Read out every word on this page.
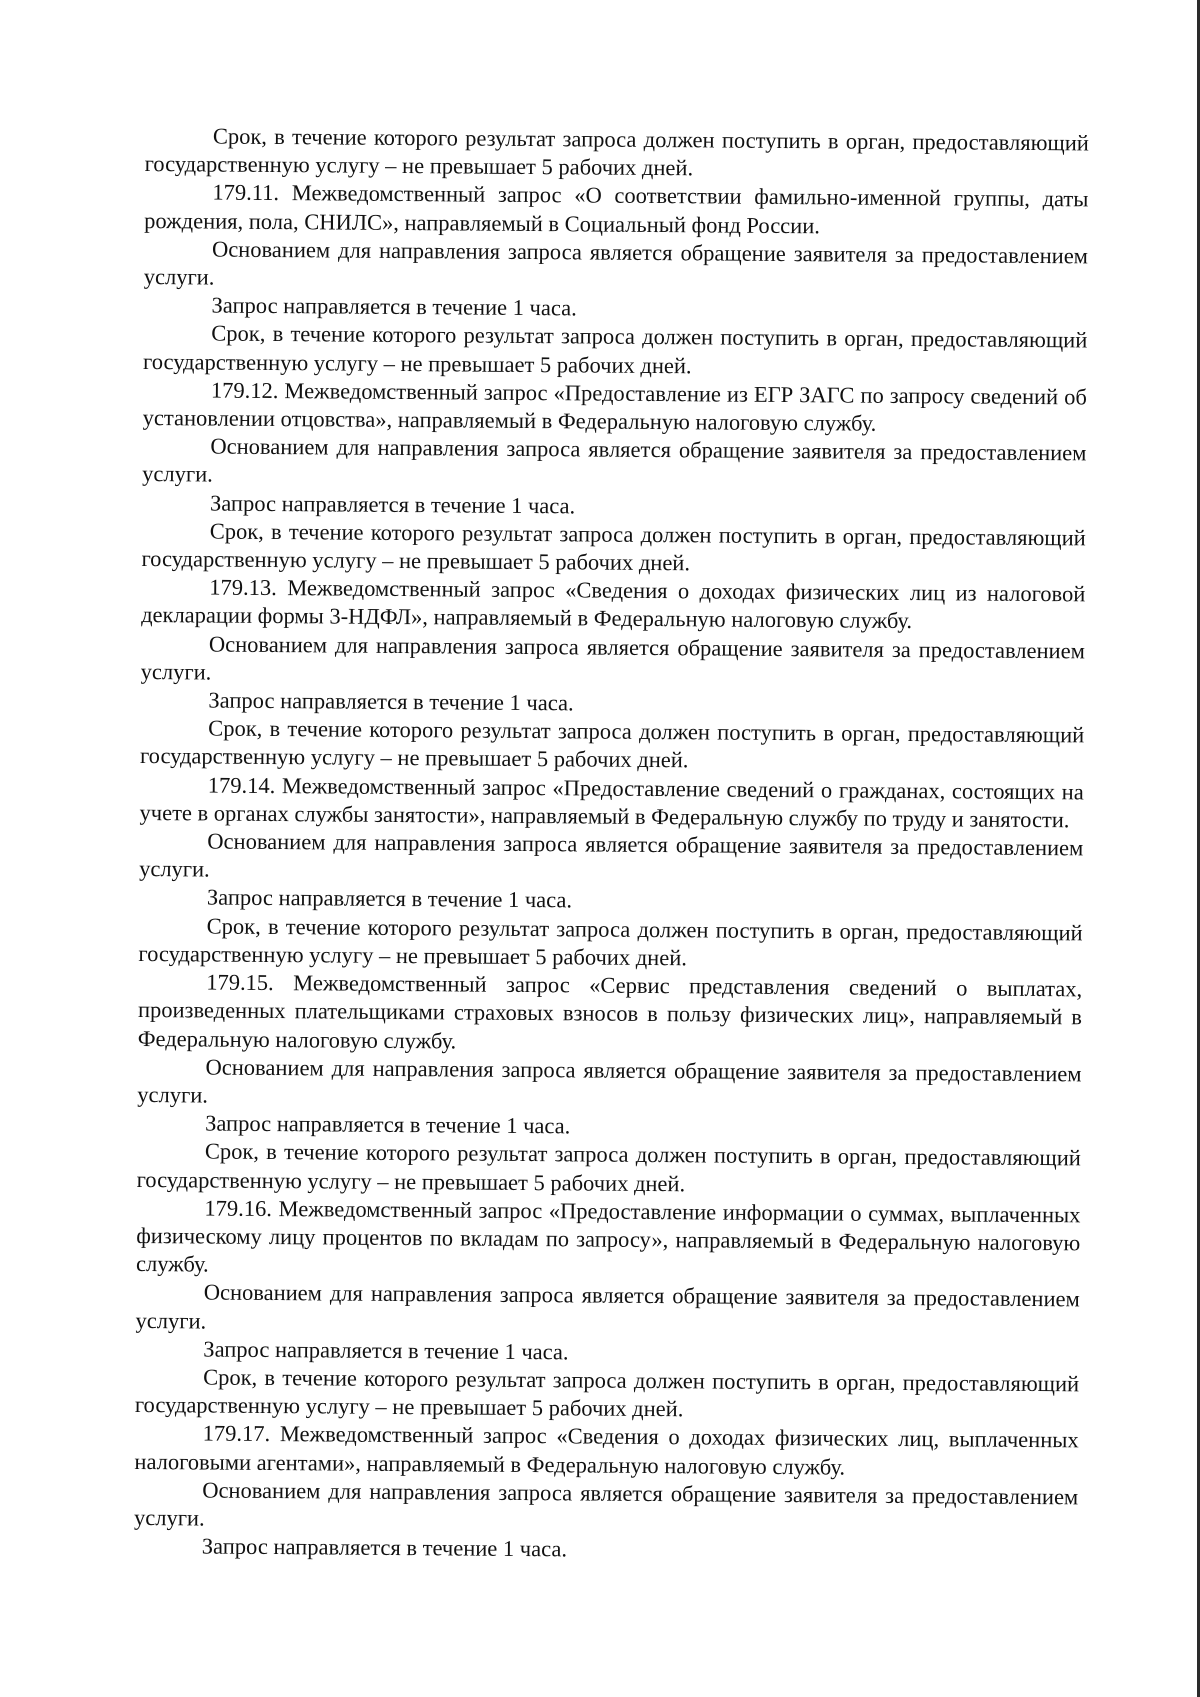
Срок, в течение которого результат запроса должен поступить в орган, предоставляющий государственную услугу – не превышает 5 рабочих дней.

179.11. Межведомственный запрос «О соответствии фамильно-именной группы, даты рождения, пола, СНИЛС», направляемый в Социальный фонд России.

Основанием для направления запроса является обращение заявителя за предоставлением услуги.

Запрос направляется в течение 1 часа.

Срок, в течение которого результат запроса должен поступить в орган, предоставляющий государственную услугу – не превышает 5 рабочих дней.

179.12. Межведомственный запрос «Предоставление из ЕГР ЗАГС по запросу сведений об установлении отцовства», направляемый в Федеральную налоговую службу.

Основанием для направления запроса является обращение заявителя за предоставлением услуги.

Запрос направляется в течение 1 часа.

Срок, в течение которого результат запроса должен поступить в орган, предоставляющий государственную услугу – не превышает 5 рабочих дней.

179.13. Межведомственный запрос «Сведения о доходах физических лиц из налоговой декларации формы 3-НДФЛ», направляемый в Федеральную налоговую службу.

Основанием для направления запроса является обращение заявителя за предоставлением услуги.

Запрос направляется в течение 1 часа.

Срок, в течение которого результат запроса должен поступить в орган, предоставляющий государственную услугу – не превышает 5 рабочих дней.

179.14. Межведомственный запрос «Предоставление сведений о гражданах, состоящих на учете в органах службы занятости», направляемый в Федеральную службу по труду и занятости.

Основанием для направления запроса является обращение заявителя за предоставлением услуги.

Запрос направляется в течение 1 часа.

Срок, в течение которого результат запроса должен поступить в орган, предоставляющий государственную услугу – не превышает 5 рабочих дней.

179.15. Межведомственный запрос «Сервис представления сведений о выплатах, произведенных плательщиками страховых взносов в пользу физических лиц», направляемый в Федеральную налоговую службу.

Основанием для направления запроса является обращение заявителя за предоставлением услуги.

Запрос направляется в течение 1 часа.

Срок, в течение которого результат запроса должен поступить в орган, предоставляющий государственную услугу – не превышает 5 рабочих дней.

179.16. Межведомственный запрос «Предоставление информации о суммах, выплаченных физическому лицу процентов по вкладам по запросу», направляемый в Федеральную налоговую службу.

Основанием для направления запроса является обращение заявителя за предоставлением услуги.

Запрос направляется в течение 1 часа.

Срок, в течение которого результат запроса должен поступить в орган, предоставляющий государственную услугу – не превышает 5 рабочих дней.

179.17. Межведомственный запрос «Сведения о доходах физических лиц, выплаченных налоговыми агентами», направляемый в Федеральную налоговую службу.

Основанием для направления запроса является обращение заявителя за предоставлением услуги.

Запрос направляется в течение 1 часа.
